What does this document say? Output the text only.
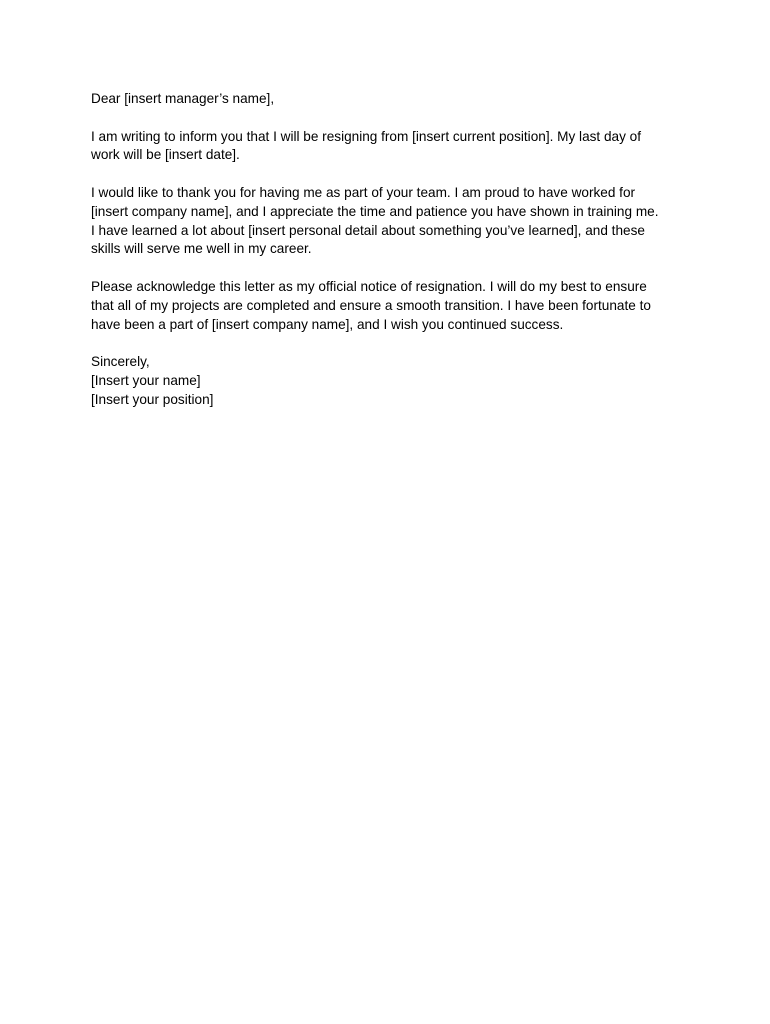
Dear [insert manager’s name],

I am writing to inform you that I will be resigning from [insert current position]. My last day of
work will be [insert date].

I would like to thank you for having me as part of your team. I am proud to have worked for
[insert company name], and I appreciate the time and patience you have shown in training me.
I have learned a lot about [insert personal detail about something you’ve learned], and these
skills will serve me well in my career.

Please acknowledge this letter as my official notice of resignation. I will do my best to ensure
that all of my projects are completed and ensure a smooth transition. I have been fortunate to
have been a part of [insert company name], and I wish you continued success.

Sincerely,
[Insert your name]
[Insert your position]
